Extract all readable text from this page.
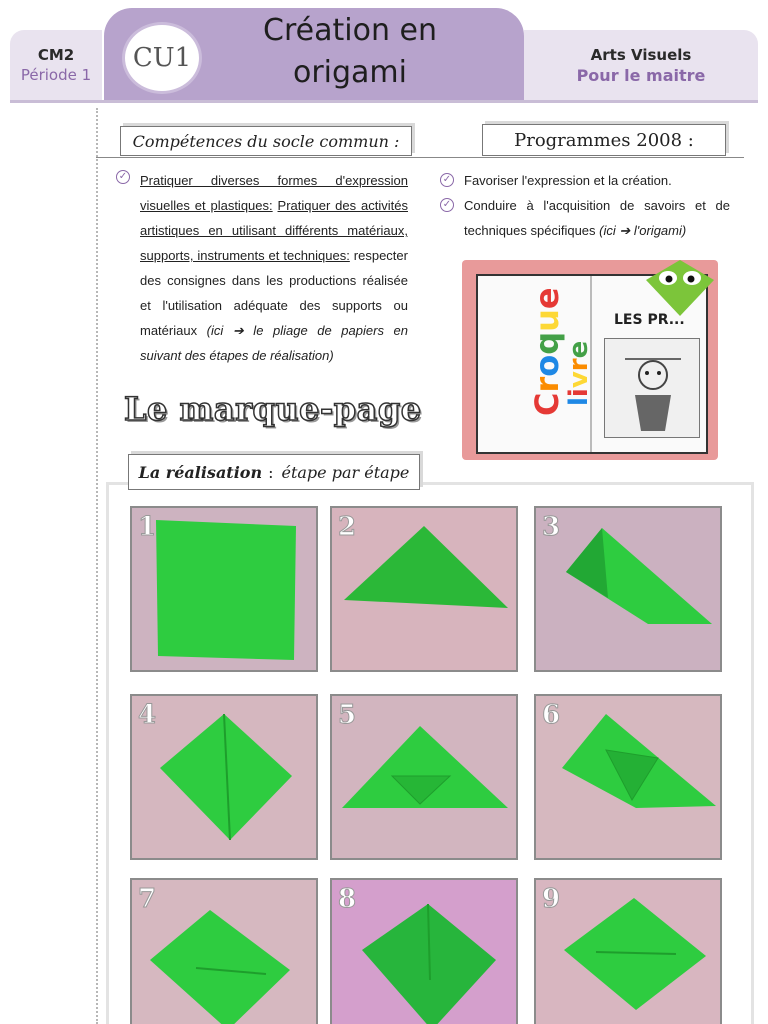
CM2
Période 1
CU1
Création en
origami	Arts Visuels
Pour le maitre
Compétences du socle commun :	Programmes 2008 :
✓ Pratiquer diverses formes d'expression visuelles et plastiques: Pratiquer des activités artistiques en utilisant différents matériaux, supports, instruments et techniques: respecter des consignes dans les productions réalisée et l'utilisation adéquate des supports ou matériaux (ici ➔ le pliage de papiers en suivant des étapes de réalisation)
✓ Favoriser l'expression et la création.
✓ Conduire à l'acquisition de savoirs et de techniques spécifiques (ici ➔ l'origami)
Croque
livre
LES PR...
Le marque-page
La réalisation : étape par étape
1	2	3
4	5	6
7	8	9
